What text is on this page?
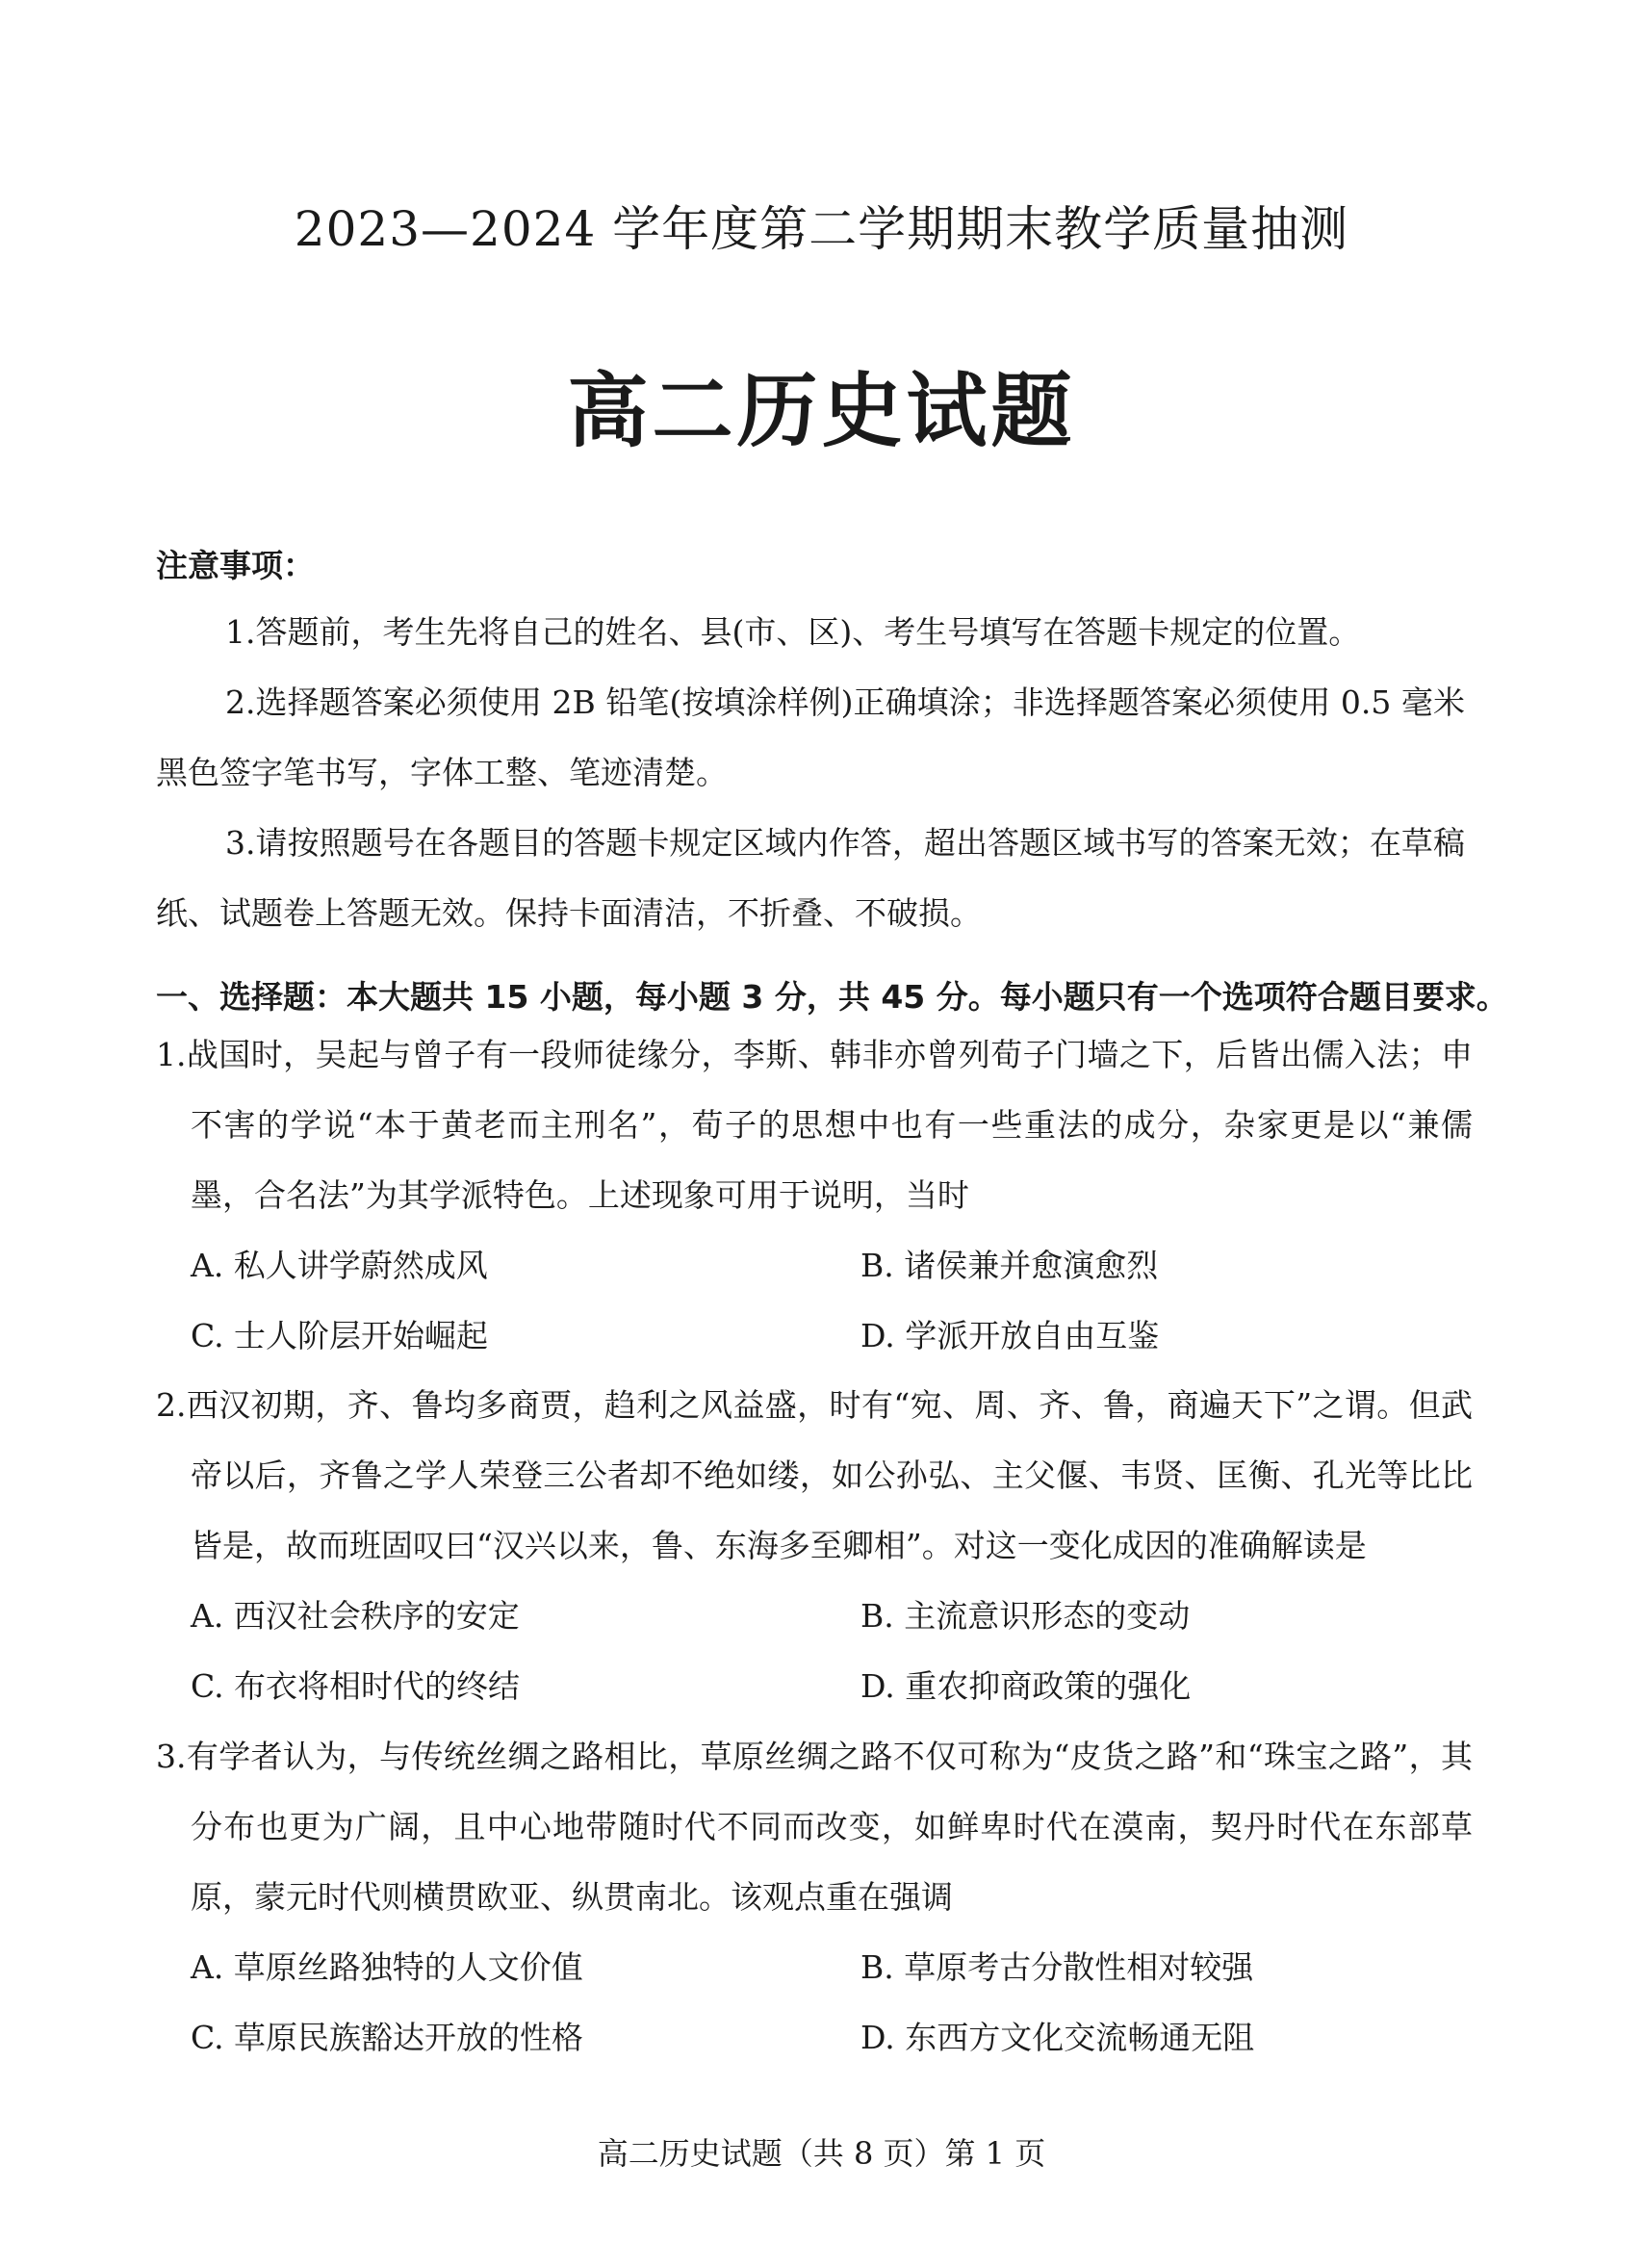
2023—2024 学年度第二学期期末教学质量抽测
高二历史试题
注意事项：
1.答题前，考生先将自己的姓名、县(市、区)、考生号填写在答题卡规定的位置。
2.选择题答案必须使用 2B 铅笔(按填涂样例)正确填涂；非选择题答案必须使用 0.5 毫米黑色签字笔书写，字体工整、笔迹清楚。
3.请按照题号在各题目的答题卡规定区域内作答，超出答题区域书写的答案无效；在草稿纸、试题卷上答题无效。保持卡面清洁，不折叠、不破损。
一、选择题：本大题共 15 小题，每小题 3 分，共 45 分。每小题只有一个选项符合题目要求。
1.战国时，吴起与曾子有一段师徒缘分，李斯、韩非亦曾列荀子门墙之下，后皆出儒入法；申不害的学说“本于黄老而主刑名”，荀子的思想中也有一些重法的成分，杂家更是以“兼儒墨，合名法”为其学派特色。上述现象可用于说明，当时
A. 私人讲学蔚然成风	B. 诸侯兼并愈演愈烈
C. 士人阶层开始崛起	D. 学派开放自由互鉴
2.西汉初期，齐、鲁均多商贾，趋利之风益盛，时有“宛、周、齐、鲁，商遍天下”之谓。但武帝以后，齐鲁之学人荣登三公者却不绝如缕，如公孙弘、主父偃、韦贤、匡衡、孔光等比比皆是，故而班固叹曰“汉兴以来，鲁、东海多至卿相”。对这一变化成因的准确解读是
A. 西汉社会秩序的安定	B. 主流意识形态的变动
C. 布衣将相时代的终结	D. 重农抑商政策的强化
3.有学者认为，与传统丝绸之路相比，草原丝绸之路不仅可称为“皮货之路”和“珠宝之路”，其分布也更为广阔，且中心地带随时代不同而改变，如鲜卑时代在漠南，契丹时代在东部草原，蒙元时代则横贯欧亚、纵贯南北。该观点重在强调
A. 草原丝路独特的人文价值	B. 草原考古分散性相对较强
C. 草原民族豁达开放的性格	D. 东西方文化交流畅通无阻
高二历史试题（共 8 页）第 1 页
